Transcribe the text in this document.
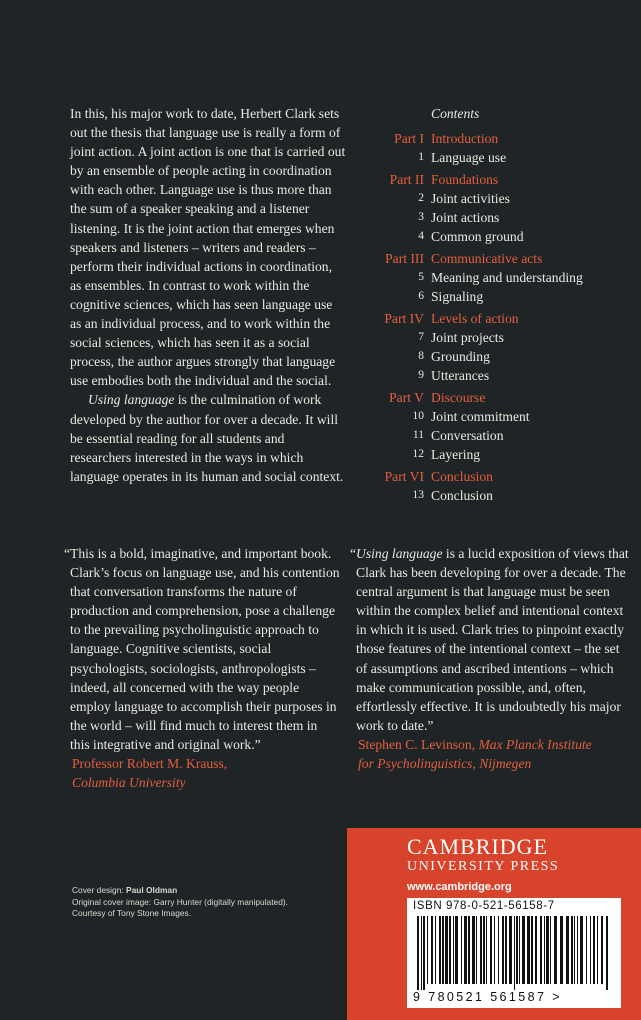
In this, his major work to date, Herbert Clark sets out the thesis that language use is really a form of joint action. A joint action is one that is carried out by an ensemble of people acting in coordination with each other. Language use is thus more than the sum of a speaker speaking and a listener listening. It is the joint action that emerges when speakers and listeners – writers and readers – perform their individual actions in coordination, as ensembles. In contrast to work within the cognitive sciences, which has seen language use as an individual process, and to work within the social sciences, which has seen it as a social process, the author argues strongly that language use embodies both the individual and the social.

Using language is the culmination of work developed by the author for over a decade. It will be essential reading for all students and researchers interested in the ways in which language operates in its human and social context.

Contents
Part I Introduction
1 Language use
Part II Foundations
2 Joint activities
3 Joint actions
4 Common ground
Part III Communicative acts
5 Meaning and understanding
6 Signaling
Part IV Levels of action
7 Joint projects
8 Grounding
9 Utterances
Part V Discourse
10 Joint commitment
11 Conversation
12 Layering
Part VI Conclusion
13 Conclusion

“This is a bold, imaginative, and important book. Clark’s focus on language use, and his contention that conversation transforms the nature of production and comprehension, pose a challenge to the prevailing psycholinguistic approach to language. Cognitive scientists, social psychologists, sociologists, anthropologists – indeed, all concerned with the way people employ language to accomplish their purposes in the world – will find much to interest them in this integrative and original work.”

Professor Robert M. Krauss,
Columbia University

“Using language is a lucid exposition of views that Clark has been developing for over a decade. The central argument is that language must be seen within the complex belief and intentional context in which it is used. Clark tries to pinpoint exactly those features of the intentional context – the set of assumptions and ascribed intentions – which make communication possible, and, often, effortlessly effective. It is undoubtedly his major work to date.”

Stephen C. Levinson, Max Planck Institute
for Psycholinguistics, Nijmegen
Cover design: Paul Oldman
Original cover image: Garry Hunter (digitally manipulated).
Courtesy of Tony Stone Images.
CAMBRIDGE
UNIVERSITY PRESS
www.cambridge.org
ISBN 978-0-521-56158-7
9 780521 561587 >
